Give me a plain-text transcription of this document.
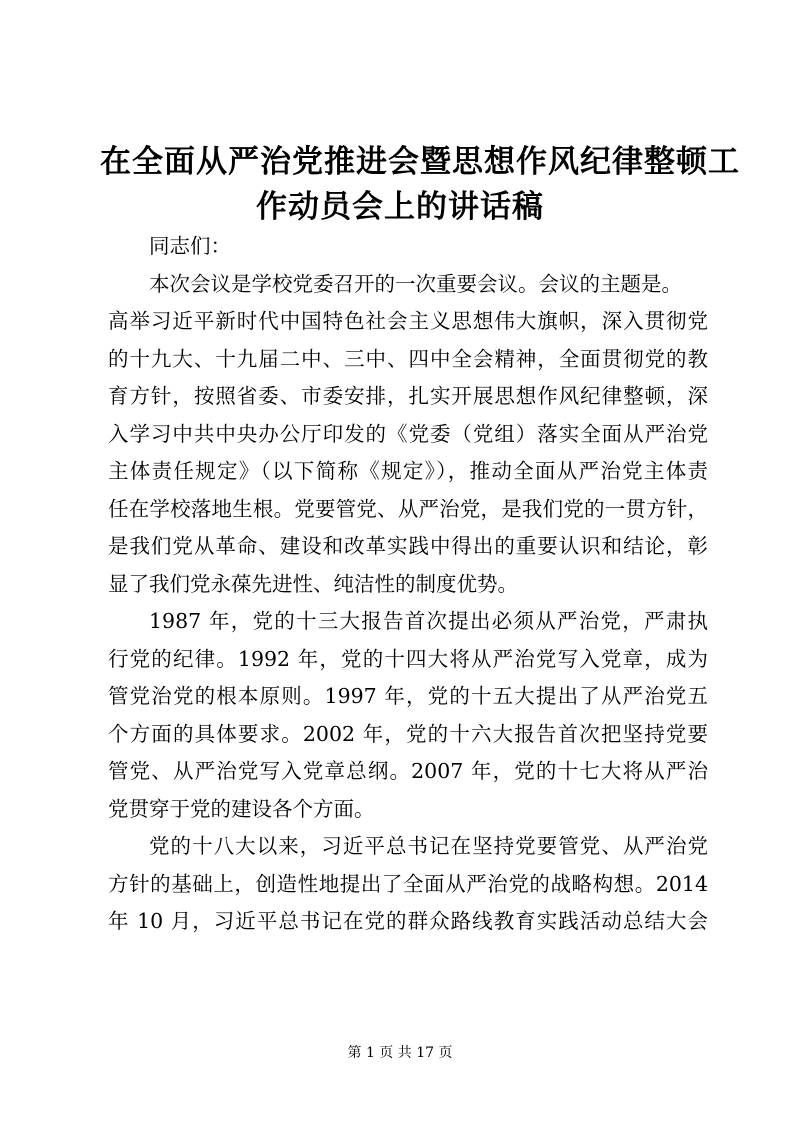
在全面从严治党推进会暨思想作风纪律整顿工
作动员会上的讲话稿
同志们：
本次会议是学校党委召开的一次重要会议。会议的主题是。
高举习近平新时代中国特色社会主义思想伟大旗帜，深入贯彻党
的十九大、十九届二中、三中、四中全会精神，全面贯彻党的教
育方针，按照省委、市委安排，扎实开展思想作风纪律整顿，深
入学习中共中央办公厅印发的《党委（党组）落实全面从严治党
主体责任规定》（以下简称《规定》），推动全面从严治党主体责
任在学校落地生根。党要管党、从严治党，是我们党的一贯方针，
是我们党从革命、建设和改革实践中得出的重要认识和结论，彰
显了我们党永葆先进性、纯洁性的制度优势。
1987 年，党的十三大报告首次提出必须从严治党，严肃执
行党的纪律。1992 年，党的十四大将从严治党写入党章，成为
管党治党的根本原则。1997 年，党的十五大提出了从严治党五
个方面的具体要求。2002 年，党的十六大报告首次把坚持党要
管党、从严治党写入党章总纲。2007 年，党的十七大将从严治
党贯穿于党的建设各个方面。
党的十八大以来，习近平总书记在坚持党要管党、从严治党
方针的基础上，创造性地提出了全面从严治党的战略构想。2014
年 10 月，习近平总书记在党的群众路线教育实践活动总结大会
第 1 页 共 17 页
